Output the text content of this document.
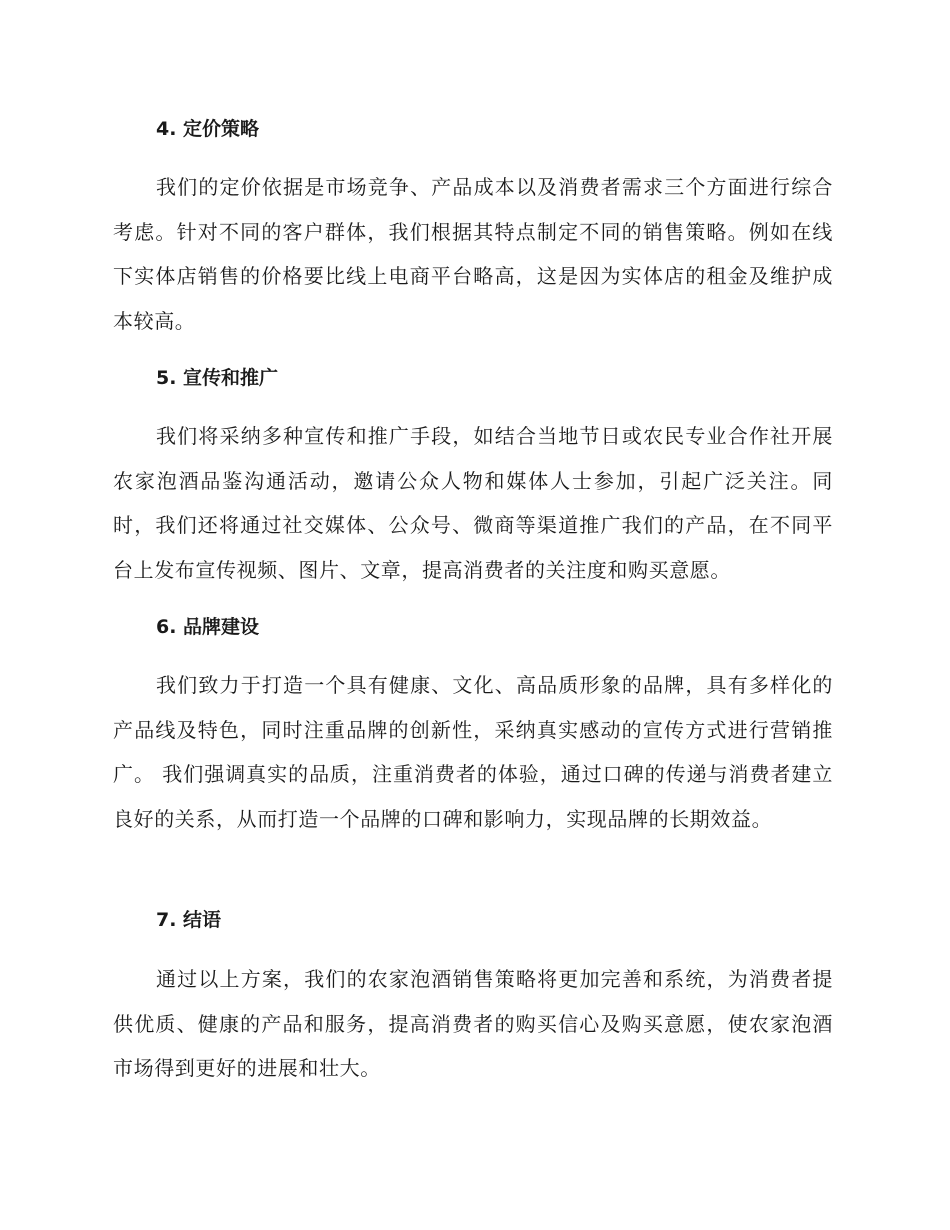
4. 定价策略

我们的定价依据是市场竞争、产品成本以及消费者需求三个方面进行综合考虑。针对不同的客户群体，我们根据其特点制定不同的销售策略。例如在线下实体店销售的价格要比线上电商平台略高，这是因为实体店的租金及维护成本较高。

5. 宣传和推广

我们将采纳多种宣传和推广手段，如结合当地节日或农民专业合作社开展农家泡酒品鉴沟通活动，邀请公众人物和媒体人士参加，引起广泛关注。同时，我们还将通过社交媒体、公众号、微商等渠道推广我们的产品，在不同平台上发布宣传视频、图片、文章，提高消费者的关注度和购买意愿。

6. 品牌建设

我们致力于打造一个具有健康、文化、高品质形象的品牌，具有多样化的产品线及特色，同时注重品牌的创新性，采纳真实感动的宣传方式进行营销推广。 我们强调真实的品质，注重消费者的体验，通过口碑的传递与消费者建立良好的关系，从而打造一个品牌的口碑和影响力，实现品牌的长期效益。

7. 结语

通过以上方案，我们的农家泡酒销售策略将更加完善和系统，为消费者提供优质、健康的产品和服务，提高消费者的购买信心及购买意愿，使农家泡酒市场得到更好的进展和壮大。
